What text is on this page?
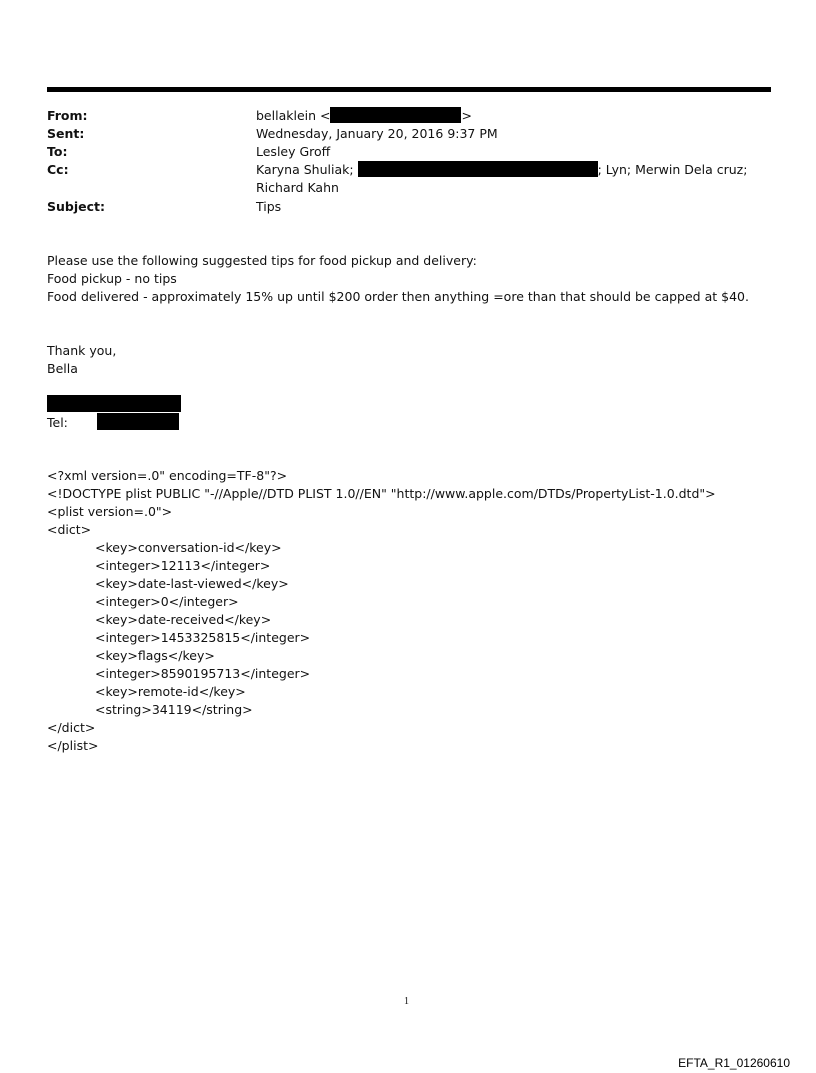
From:	bellaklein <	>
Sent:	Wednesday, January 20, 2016 9:37 PM
To:	Lesley Groff
Cc:	Karyna Shuliak;	; Lyn; Merwin Dela cruz;
Richard Kahn
Subject:	Tips
Please use the following suggested tips for food pickup and delivery:
Food pickup - no tips
Food delivered - approximately 15% up until $200 order then anything =ore than that should be capped at $40.
Thank you,
Bella
Tel:
<?xml version=.0" encoding=TF-8"?>
<!DOCTYPE plist PUBLIC "-//Apple//DTD PLIST 1.0//EN" "http://www.apple.com/DTDs/PropertyList-1.0.dtd">
<plist version=.0">
<dict>
<key>conversation-id</key>
<integer>12113</integer>
<key>date-last-viewed</key>
<integer>0</integer>
<key>date-received</key>
<integer>1453325815</integer>
<key>flags</key>
<integer>8590195713</integer>
<key>remote-id</key>
<string>34119</string>
</dict>
</plist>
1
EFTA_R1_01260610
